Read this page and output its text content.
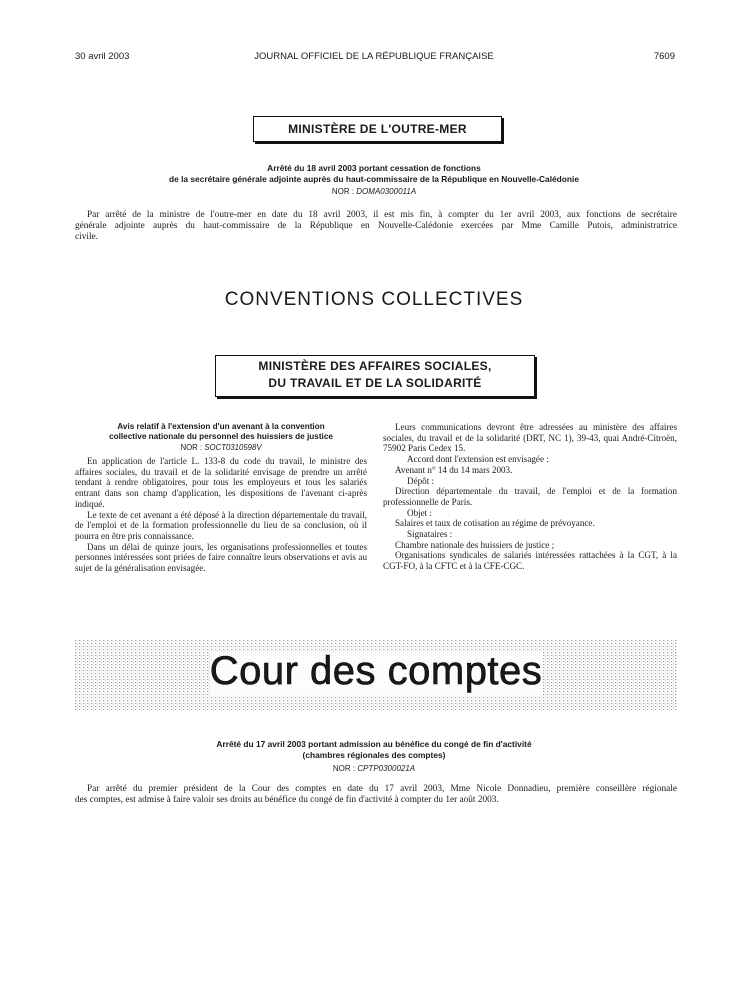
30 avril 2003	JOURNAL OFFICIEL DE LA RÉPUBLIQUE FRANÇAISE	7609
MINISTÈRE DE L'OUTRE-MER
Arrêté du 18 avril 2003 portant cessation de fonctions
de la secrétaire générale adjointe auprès du haut-commissaire de la République en Nouvelle-Calédonie
NOR : DOMA0300011A
Par arrêté de la ministre de l'outre-mer en date du 18 avril 2003, il est mis fin, à compter du 1er avril 2003, aux fonctions de secrétaire
générale adjointe auprès du haut-commissaire de la République en Nouvelle-Calédonie exercées par Mme Camille Putois, administratrice
civile.
CONVENTIONS COLLECTIVES
MINISTÈRE DES AFFAIRES SOCIALES,
DU TRAVAIL ET DE LA SOLIDARITÉ
Avis relatif à l'extension d'un avenant à la convention
collective nationale du personnel des huissiers de justice
NOR : SOCT0310598V

En application de l'article L. 133-8 du code du travail, le ministre des affaires sociales, du travail et de la solidarité envisage de prendre un arrêté tendant à rendre obligatoires, pour tous les employeurs et tous les salariés entrant dans son champ d'application, les dispositions de l'avenant ci-après indiqué.

Le texte de cet avenant a été déposé à la direction départementale du travail, de l'emploi et de la formation professionnelle du lieu de sa conclusion, où il pourra en être pris connaissance.

Dans un délai de quinze jours, les organisations professionnelles et toutes personnes intéressées sont priées de faire connaître leurs observations et avis au sujet de la généralisation envisagée.

Leurs communications devront être adressées au ministère des affaires sociales, du travail et de la solidarité (DRT, NC 1), 39-43, quai André-Citroën, 75902 Paris Cedex 15.

Accord dont l'extension est envisagée :

Avenant n° 14 du 14 mars 2003.

Dépôt :

Direction départementale du travail, de l'emploi et de la formation professionnelle de Paris.

Objet :

Salaires et taux de cotisation au régime de prévoyance.

Signataires :

Chambre nationale des huissiers de justice ;

Organisations syndicales de salariés intéressées rattachées à la CGT, à la CGT-FO, à la CFTC et à la CFE-CGC.

Cour des comptes
Arrêté du 17 avril 2003 portant admission au bénéfice du congé de fin d'activité
(chambres régionales des comptes)
NOR : CPTP0300021A
Par arrêté du premier président de la Cour des comptes en date du 17 avril 2003, Mme Nicole Donnadieu, première conseillère régionale
des comptes, est admise à faire valoir ses droits au bénéfice du congé de fin d'activité à compter du 1er août 2003.
